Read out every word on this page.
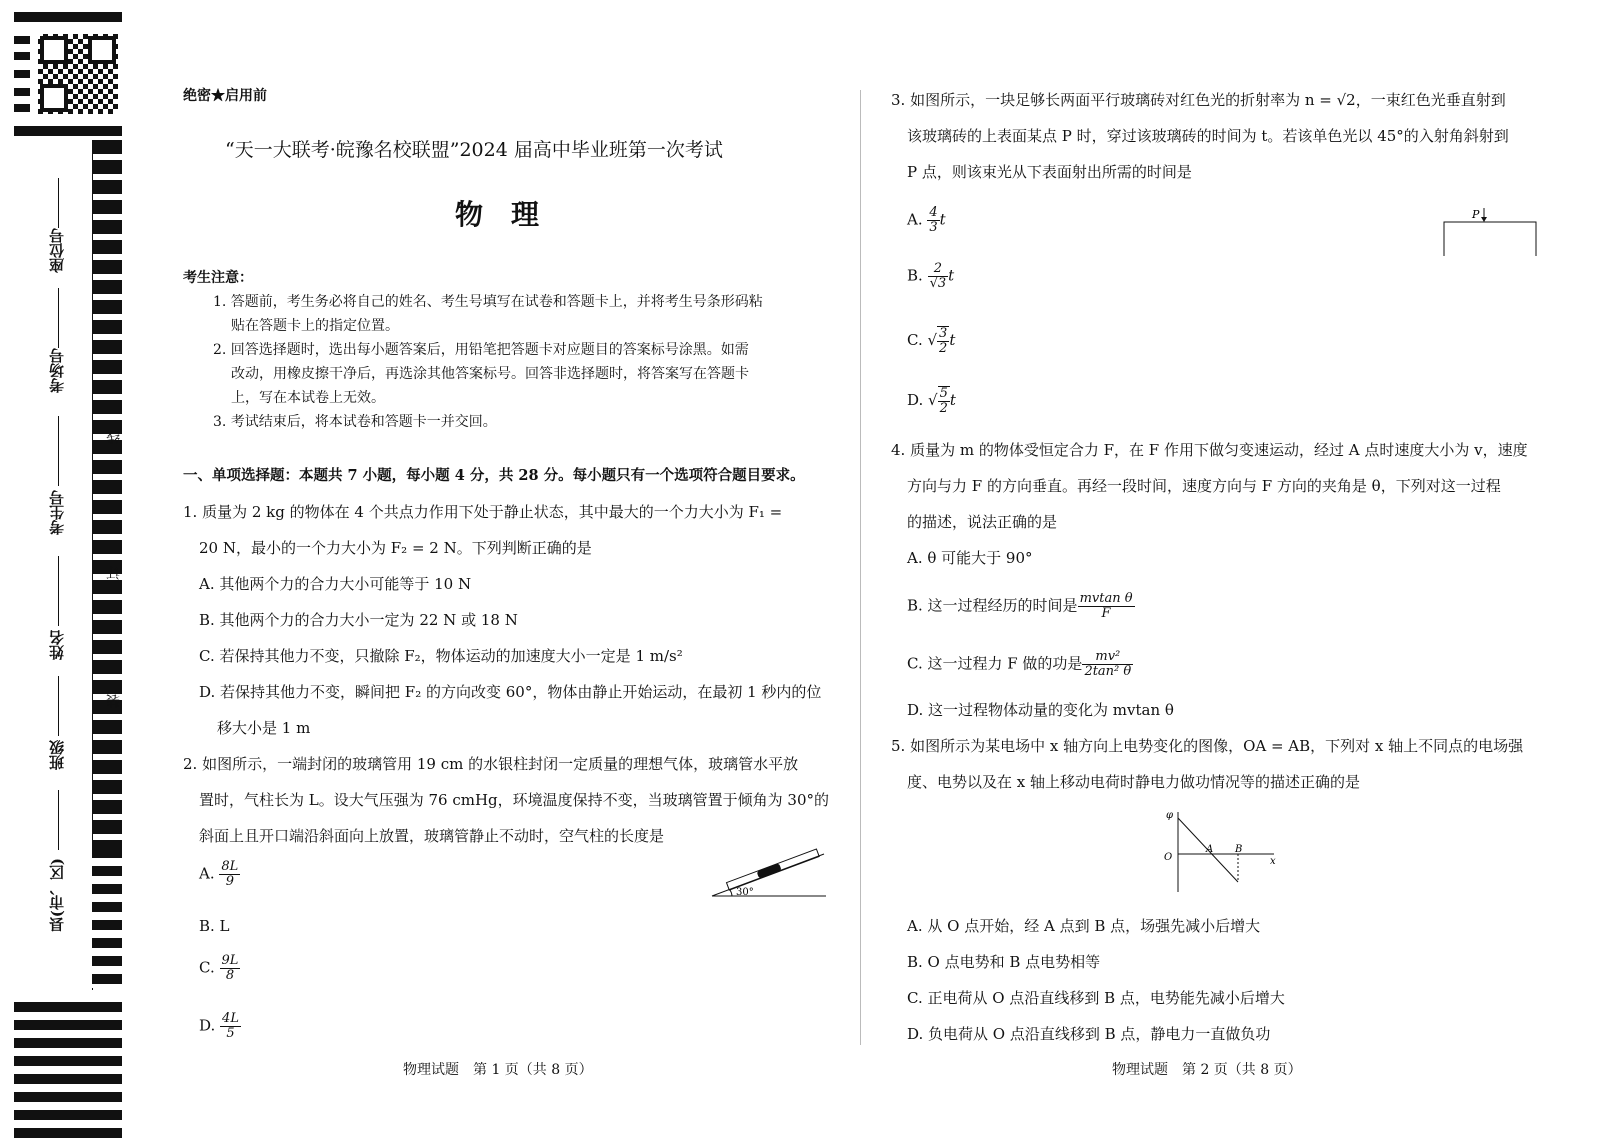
座位号
考场号
考生号
姓名
班级
县(市、区)
线
订
装
绝密★启用前
“天一大联考·皖豫名校联盟”2024 届高中毕业班第一次考试
物　理
考生注意：
1. 答题前，考生务必将自己的姓名、考生号填写在试卷和答题卡上，并将考生号条形码粘
贴在答题卡上的指定位置。
2. 回答选择题时，选出每小题答案后，用铅笔把答题卡对应题目的答案标号涂黑。如需
改动，用橡皮擦干净后，再选涂其他答案标号。回答非选择题时，将答案写在答题卡
上，写在本试卷上无效。
3. 考试结束后，将本试卷和答题卡一并交回。
一、单项选择题：本题共 7 小题，每小题 4 分，共 28 分。每小题只有一个选项符合题目要求。
1. 质量为 2 kg 的物体在 4 个共点力作用下处于静止状态，其中最大的一个力大小为 F₁ =
20 N，最小的一个力大小为 F₂ = 2 N。下列判断正确的是
A. 其他两个力的合力大小可能等于 10 N
B. 其他两个力的合力大小一定为 22 N 或 18 N
C. 若保持其他力不变，只撤除 F₂，物体运动的加速度大小一定是 1 m/s²
D. 若保持其他力不变，瞬间把 F₂ 的方向改变 60°，物体由静止开始运动，在最初 1 秒内的位
移大小是 1 m
2. 如图所示，一端封闭的玻璃管用 19 cm 的水银柱封闭一定质量的理想气体，玻璃管水平放
置时，气柱长为 L。设大气压强为 76 cmHg，环境温度保持不变，当玻璃管置于倾角为 30°的
斜面上且开口端沿斜面向上放置，玻璃管静止不动时，空气柱的长度是
A. $\frac{8L}{9}$
B. L
C. $\frac{9L}{8}$
D. $\frac{4L}{5}$
30°
物理试题　第 1 页（共 8 页）
3. 如图所示，一块足够长两面平行玻璃砖对红色光的折射率为 n = √2，一束红色光垂直射到
该玻璃砖的上表面某点 P 时，穿过该玻璃砖的时间为 t。若该单色光以 45°的入射角斜射到
P 点，则该束光从下表面射出所需的时间是
A. $\frac{4}{3}$ t
B. $\frac{2}{√3}$ t
C. √ $\frac{3}{2}$ t
D. √ $\frac{5}{2}$ t
P
4. 质量为 m 的物体受恒定合力 F，在 F 作用下做匀变速运动，经过 A 点时速度大小为 v，速度
方向与力 F 的方向垂直。再经一段时间，速度方向与 F 方向的夹角是 θ，下列对这一过程
的描述，说法正确的是
A. θ 可能大于 90°
B. 这一过程经历的时间是 $\frac{\text{mvtan θ}}{F}$
C. 这一过程力 F 做的功是 $\frac{\text{mv²}}{\text{2tan² θ}}$
D. 这一过程物体动量的变化为 mvtan θ
5. 如图所示为某电场中 x 轴方向上电势变化的图像，OA = AB，下列对 x 轴上不同点的电场强
度、电势以及在 x 轴上移动电荷时静电力做功情况等的描述正确的是
φ
O
A B
x
A. 从 O 点开始，经 A 点到 B 点，场强先减小后增大
B. O 点电势和 B 点电势相等
C. 正电荷从 O 点沿直线移到 B 点，电势能先减小后增大
D. 负电荷从 O 点沿直线移到 B 点，静电力一直做负功
物理试题　第 2 页（共 8 页）
